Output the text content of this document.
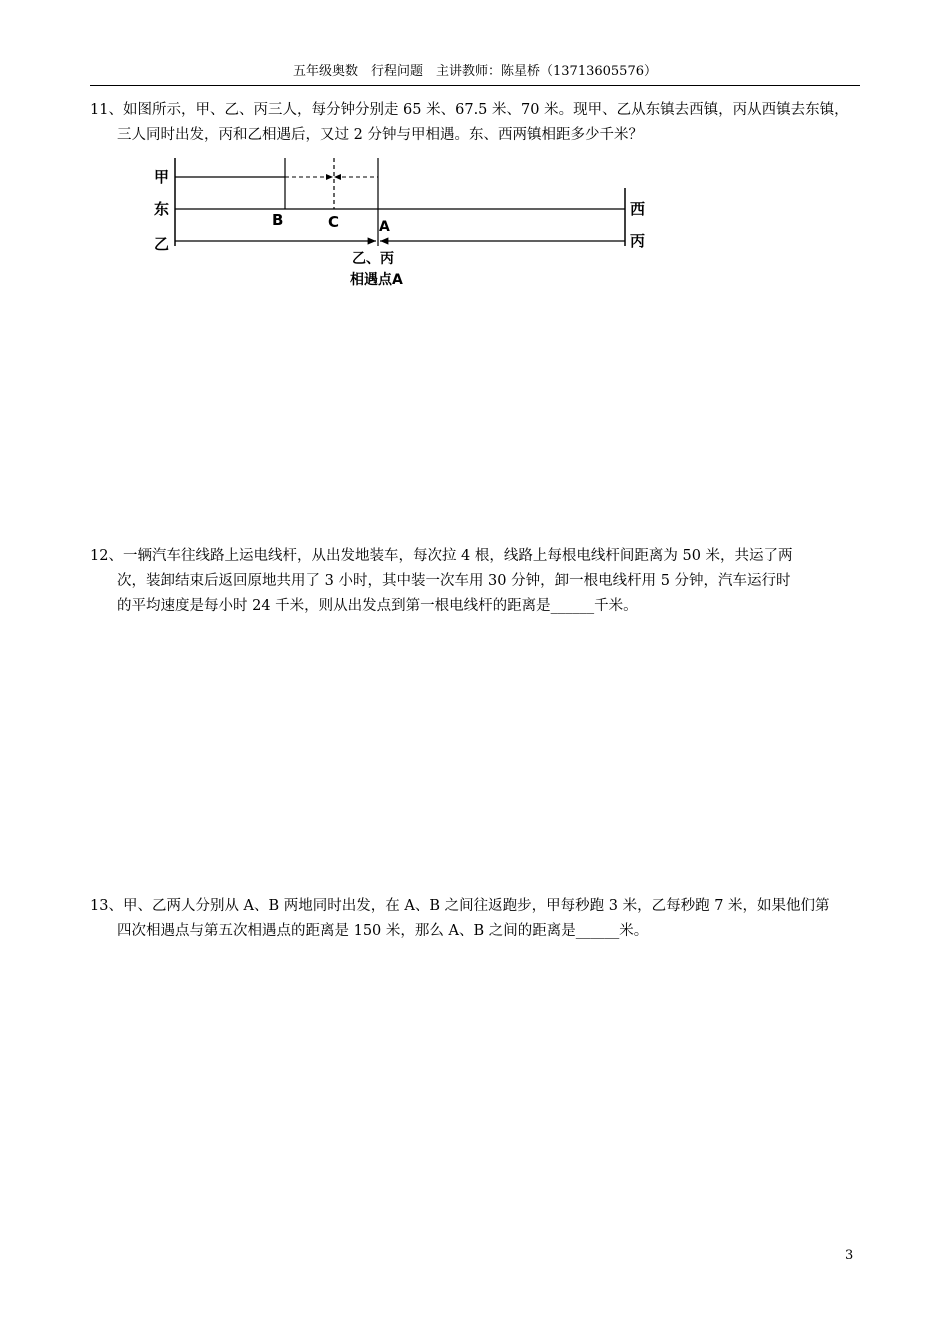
五年级奥数　行程问题　主讲教师：陈星桥（13713605576）

11、如图所示，甲、乙、丙三人，每分钟分别走 65 米、67.5 米、70 米。现甲、乙从东镇去西镇，丙从西镇去东镇，

三人同时出发，丙和乙相遇后，又过 2 分钟与甲相遇。东、西两镇相距多少千米？

甲
东
乙
西
丙
B	C	A
乙、丙
相遇点A

12、一辆汽车往线路上运电线杆，从出发地装车，每次拉 4 根，线路上每根电线杆间距离为 50 米，共运了两

次，装卸结束后返回原地共用了 3 小时，其中装一次车用 30 分钟，卸一根电线杆用 5 分钟，汽车运行时

的平均速度是每小时 24 千米，则从出发点到第一根电线杆的距离是______千米。

13、甲、乙两人分别从 A、B 两地同时出发，在 A、B 之间往返跑步，甲每秒跑 3 米，乙每秒跑 7 米，如果他们第

四次相遇点与第五次相遇点的距离是 150 米，那么 A、B 之间的距离是______米。

3
